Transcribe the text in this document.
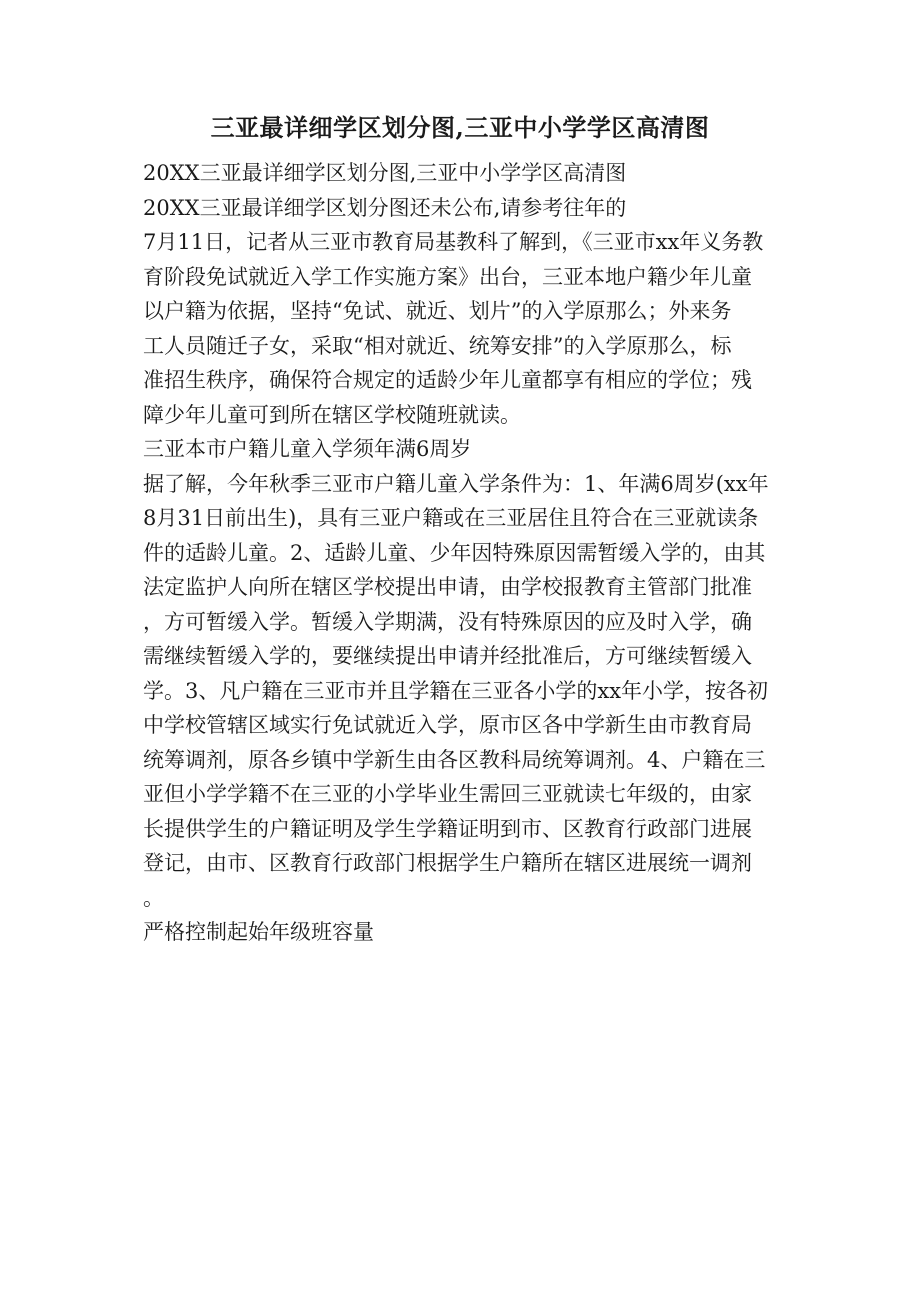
三亚最详细学区划分图,三亚中小学学区高清图

20XX三亚最详细学区划分图,三亚中小学学区高清图

20XX三亚最详细学区划分图还未公布,请参考往年的

7月11日，记者从三亚市教育局基教科了解到，《三亚市xx年义务教

育阶段免试就近入学工作实施方案》出台，三亚本地户籍少年儿童

以户籍为依据，坚持“免试、就近、划片”的入学原那么；外来务

工人员随迁子女，采取“相对就近、统筹安排”的入学原那么，标

准招生秩序，确保符合规定的适龄少年儿童都享有相应的学位；残

障少年儿童可到所在辖区学校随班就读。

三亚本市户籍儿童入学须年满6周岁

据了解，今年秋季三亚市户籍儿童入学条件为：1、年满6周岁(xx年

8月31日前出生)，具有三亚户籍或在三亚居住且符合在三亚就读条

件的适龄儿童。2、适龄儿童、少年因特殊原因需暂缓入学的，由其

法定监护人向所在辖区学校提出申请，由学校报教育主管部门批准

，方可暂缓入学。暂缓入学期满，没有特殊原因的应及时入学，确

需继续暂缓入学的，要继续提出申请并经批准后，方可继续暂缓入

学。3、凡户籍在三亚市并且学籍在三亚各小学的xx年小学，按各初

中学校管辖区域实行免试就近入学，原市区各中学新生由市教育局

统筹调剂，原各乡镇中学新生由各区教科局统筹调剂。4、户籍在三

亚但小学学籍不在三亚的小学毕业生需回三亚就读七年级的，由家

长提供学生的户籍证明及学生学籍证明到市、区教育行政部门进展

登记，由市、区教育行政部门根据学生户籍所在辖区进展统一调剂

。

严格控制起始年级班容量
